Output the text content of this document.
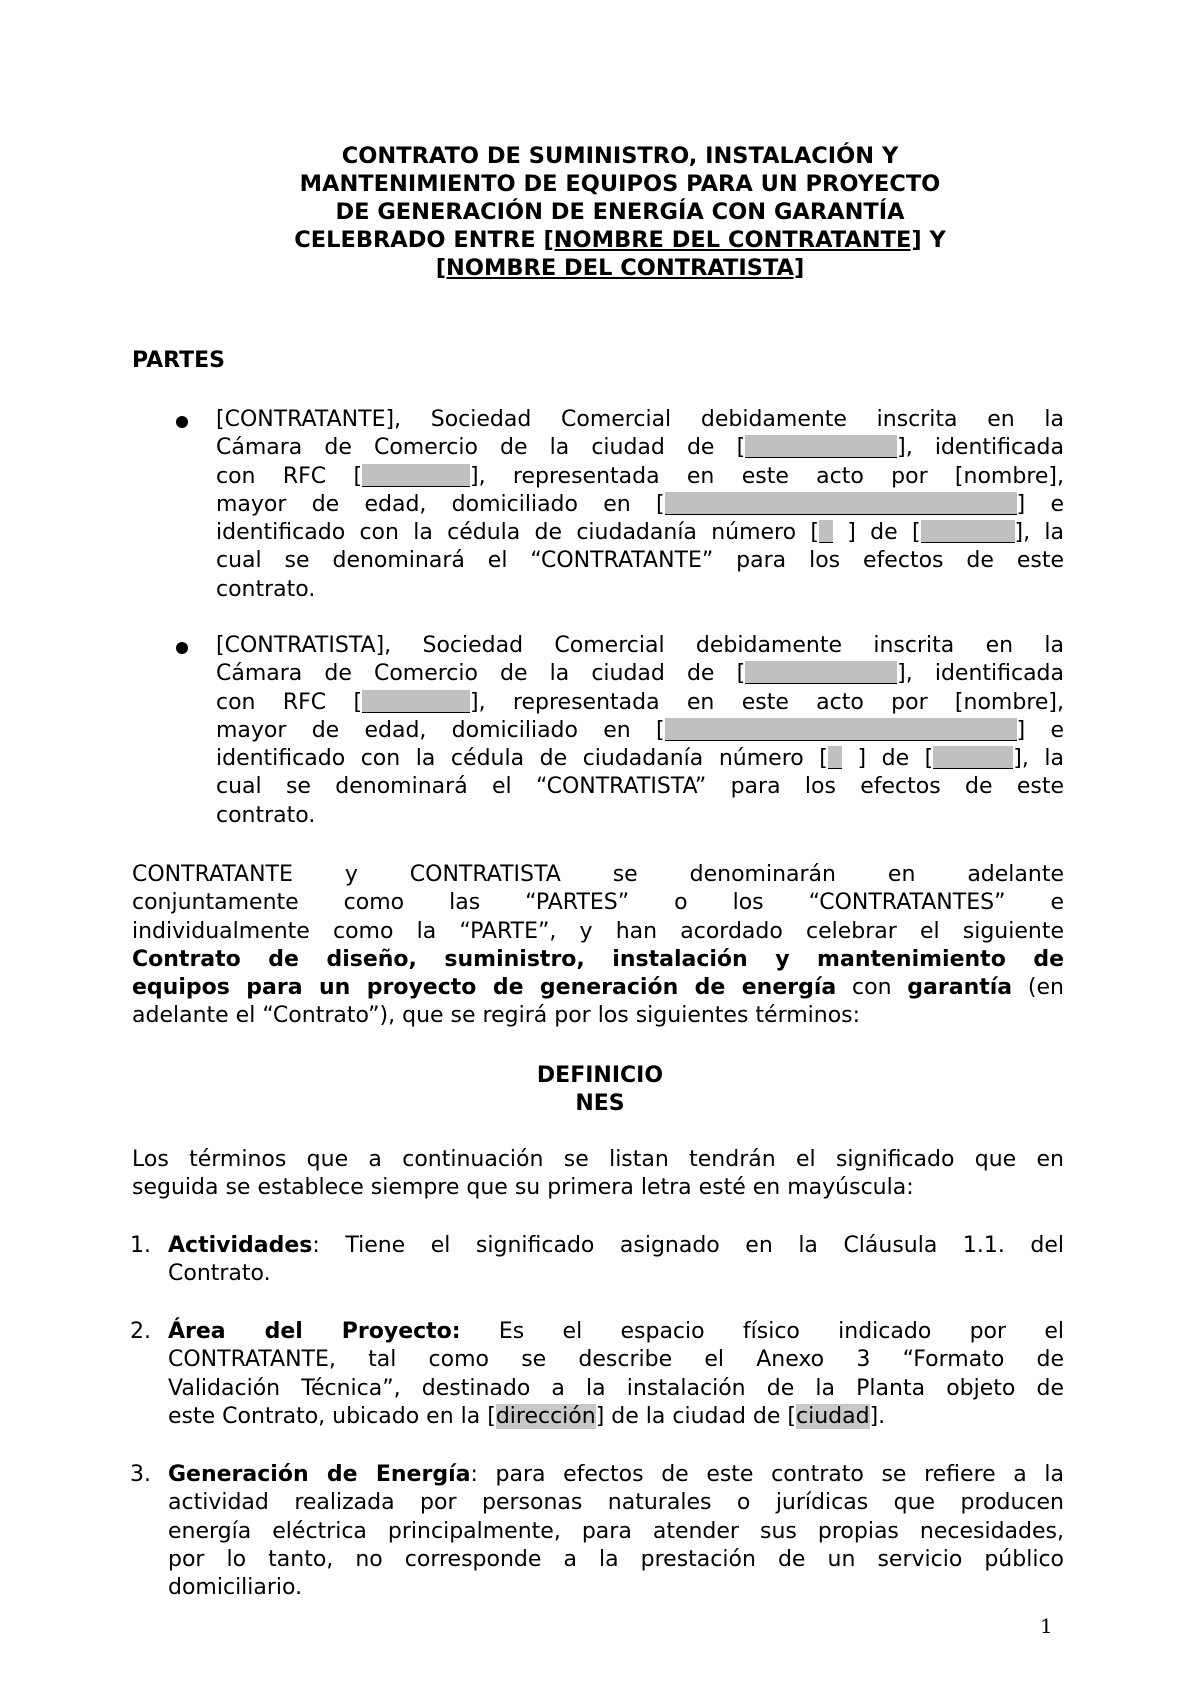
CONTRATO DE SUMINISTRO, INSTALACIÓN Y
MANTENIMIENTO DE EQUIPOS PARA UN PROYECTO
DE GENERACIÓN DE ENERGÍA CON GARANTÍA
CELEBRADO ENTRE [NOMBRE DEL CONTRATANTE] Y
[NOMBRE DEL CONTRATISTA]
PARTES
[CONTRATANTE], Sociedad Comercial debidamente inscrita en la
Cámara de Comercio de la ciudad de [	], identificada
con RFC [	], representada en este acto por [nombre],
mayor de edad, domiciliado en [	] e
identificado con la cédula de ciudadanía número [ ] de [	], la
cual se denominará el “CONTRATANTE” para los efectos de este
contrato.
[CONTRATISTA], Sociedad Comercial debidamente inscrita en la
Cámara de Comercio de la ciudad de [	], identificada
con RFC [	], representada en este acto por [nombre],
mayor de edad, domiciliado en [	] e
identificado con la cédula de ciudadanía número [ ] de [	], la
cual se denominará el “CONTRATISTA” para los efectos de este
contrato.
CONTRATANTE y CONTRATISTA se denominarán en adelante
conjuntamente como las “PARTES” o los “CONTRATANTES” e
individualmente como la “PARTE”, y han acordado celebrar el siguiente
Contrato de diseño, suministro, instalación y mantenimiento de
equipos para un proyecto de generación de energía con garantía (en
adelante el “Contrato”), que se regirá por los siguientes términos:
DEFINICIO
NES
Los términos que a continuación se listan tendrán el significado que en
seguida se establece siempre que su primera letra esté en mayúscula:
1. Actividades: Tiene el significado asignado en la Cláusula 1.1. del
Contrato.
2. Área del Proyecto: Es el espacio físico indicado por el
CONTRATANTE, tal como se describe el Anexo 3 “Formato de
Validación Técnica”, destinado a la instalación de la Planta objeto de
este Contrato, ubicado en la [dirección] de la ciudad de [ciudad].
3. Generación de Energía: para efectos de este contrato se refiere a la
actividad realizada por personas naturales o jurídicas que producen
energía eléctrica principalmente, para atender sus propias necesidades,
por lo tanto, no corresponde a la prestación de un servicio público
domiciliario.
1
